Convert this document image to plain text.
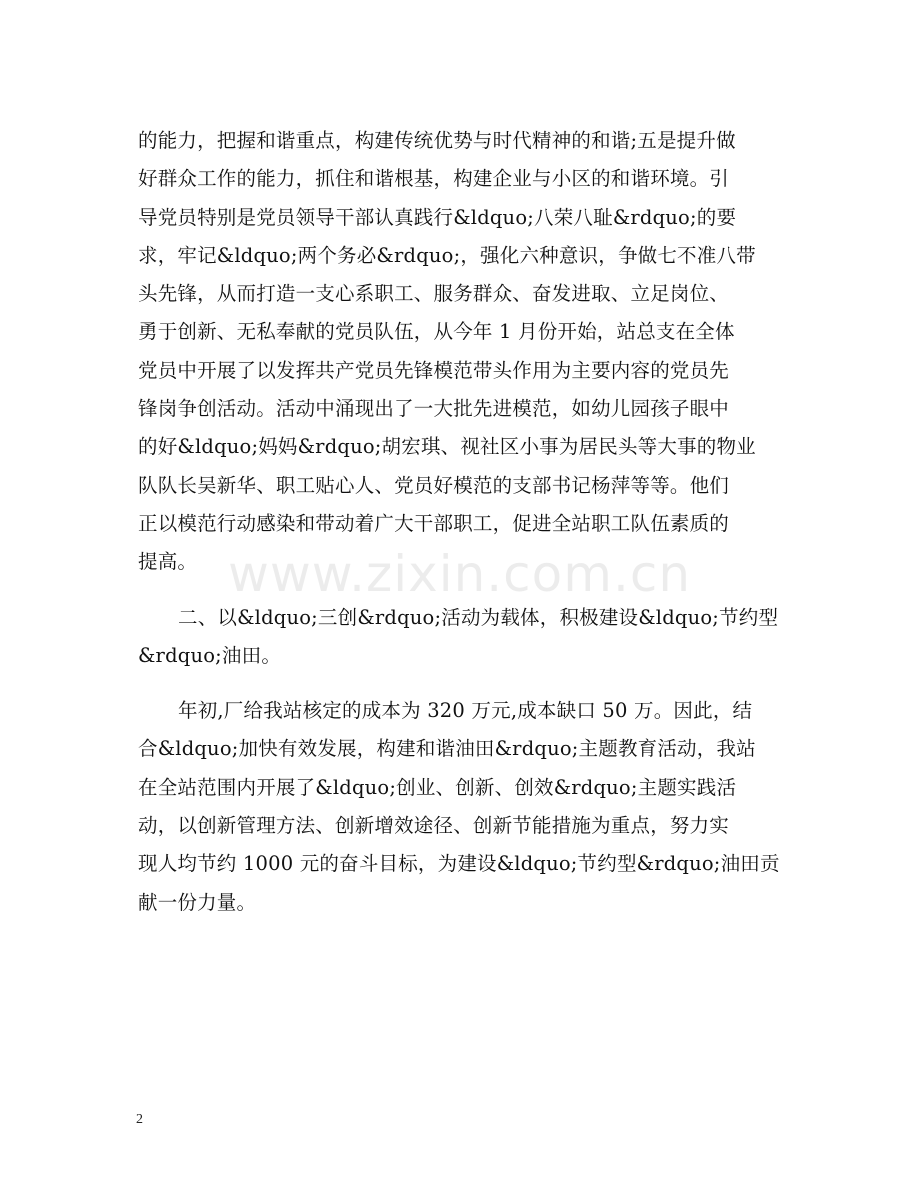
的能力，把握和谐重点，构建传统优势与时代精神的和谐;五是提升做
好群众工作的能力，抓住和谐根基，构建企业与小区的和谐环境。引
导党员特别是党员领导干部认真践行&ldquo;八荣八耻&rdquo;的要
求，牢记&ldquo;两个务必&rdquo;，强化六种意识，争做七不准八带
头先锋，从而打造一支心系职工、服务群众、奋发进取、立足岗位、
勇于创新、无私奉献的党员队伍，从今年 1 月份开始，站总支在全体
党员中开展了以发挥共产党员先锋模范带头作用为主要内容的党员先
锋岗争创活动。活动中涌现出了一大批先进模范，如幼儿园孩子眼中
的好&ldquo;妈妈&rdquo;胡宏琪、视社区小事为居民头等大事的物业
队队长吴新华、职工贴心人、党员好模范的支部书记杨萍等等。他们
正以模范行动感染和带动着广大干部职工，促进全站职工队伍素质的
提高。
二、以&ldquo;三创&rdquo;活动为载体，积极建设&ldquo;节约型
&rdquo;油田。
年初,厂给我站核定的成本为 320 万元,成本缺口 50 万。因此，结
合&ldquo;加快有效发展，构建和谐油田&rdquo;主题教育活动，我站
在全站范围内开展了&ldquo;创业、创新、创效&rdquo;主题实践活
动，以创新管理方法、创新增效途径、创新节能措施为重点，努力实
现人均节约 1000 元的奋斗目标，为建设&ldquo;节约型&rdquo;油田贡
献一份力量。
www.zixin.com.cn
2
